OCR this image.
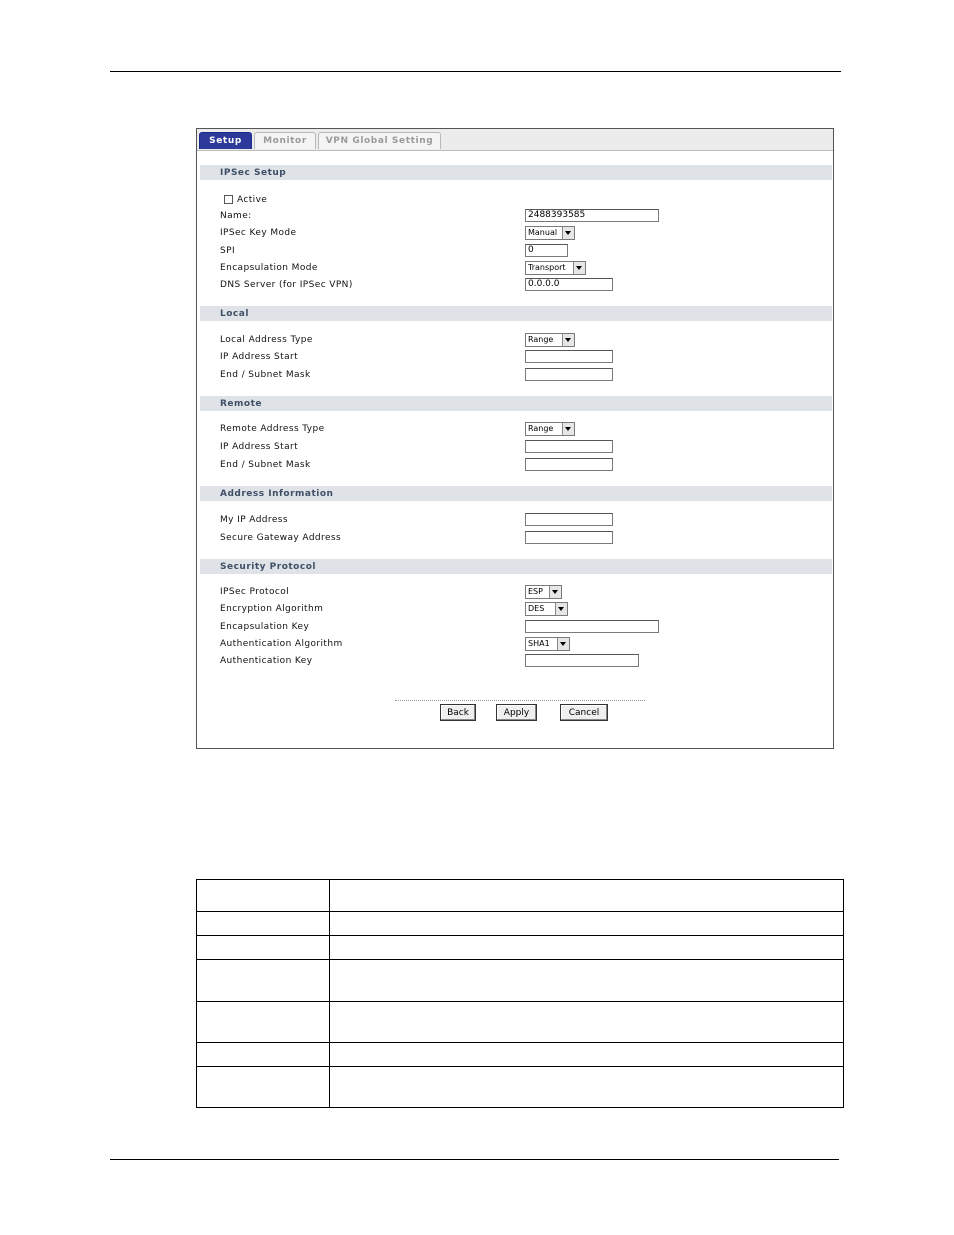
Setup	Monitor	VPN Global Setting
IPSec Setup
Active
Name:	2488393585
IPSec Key Mode	Manual
SPI	0
Encapsulation Mode	Transport
DNS Server (for IPSec VPN)	0.0.0.0
Local
Local Address Type	Range
IP Address Start
End / Subnet Mask
Remote
Remote Address Type	Range
IP Address Start
End / Subnet Mask
Address Information
My IP Address
Secure Gateway Address
Security Protocol
IPSec Protocol	ESP
Encryption Algorithm	DES
Encapsulation Key
Authentication Algorithm	SHA1
Authentication Key
Back	Apply	Cancel
